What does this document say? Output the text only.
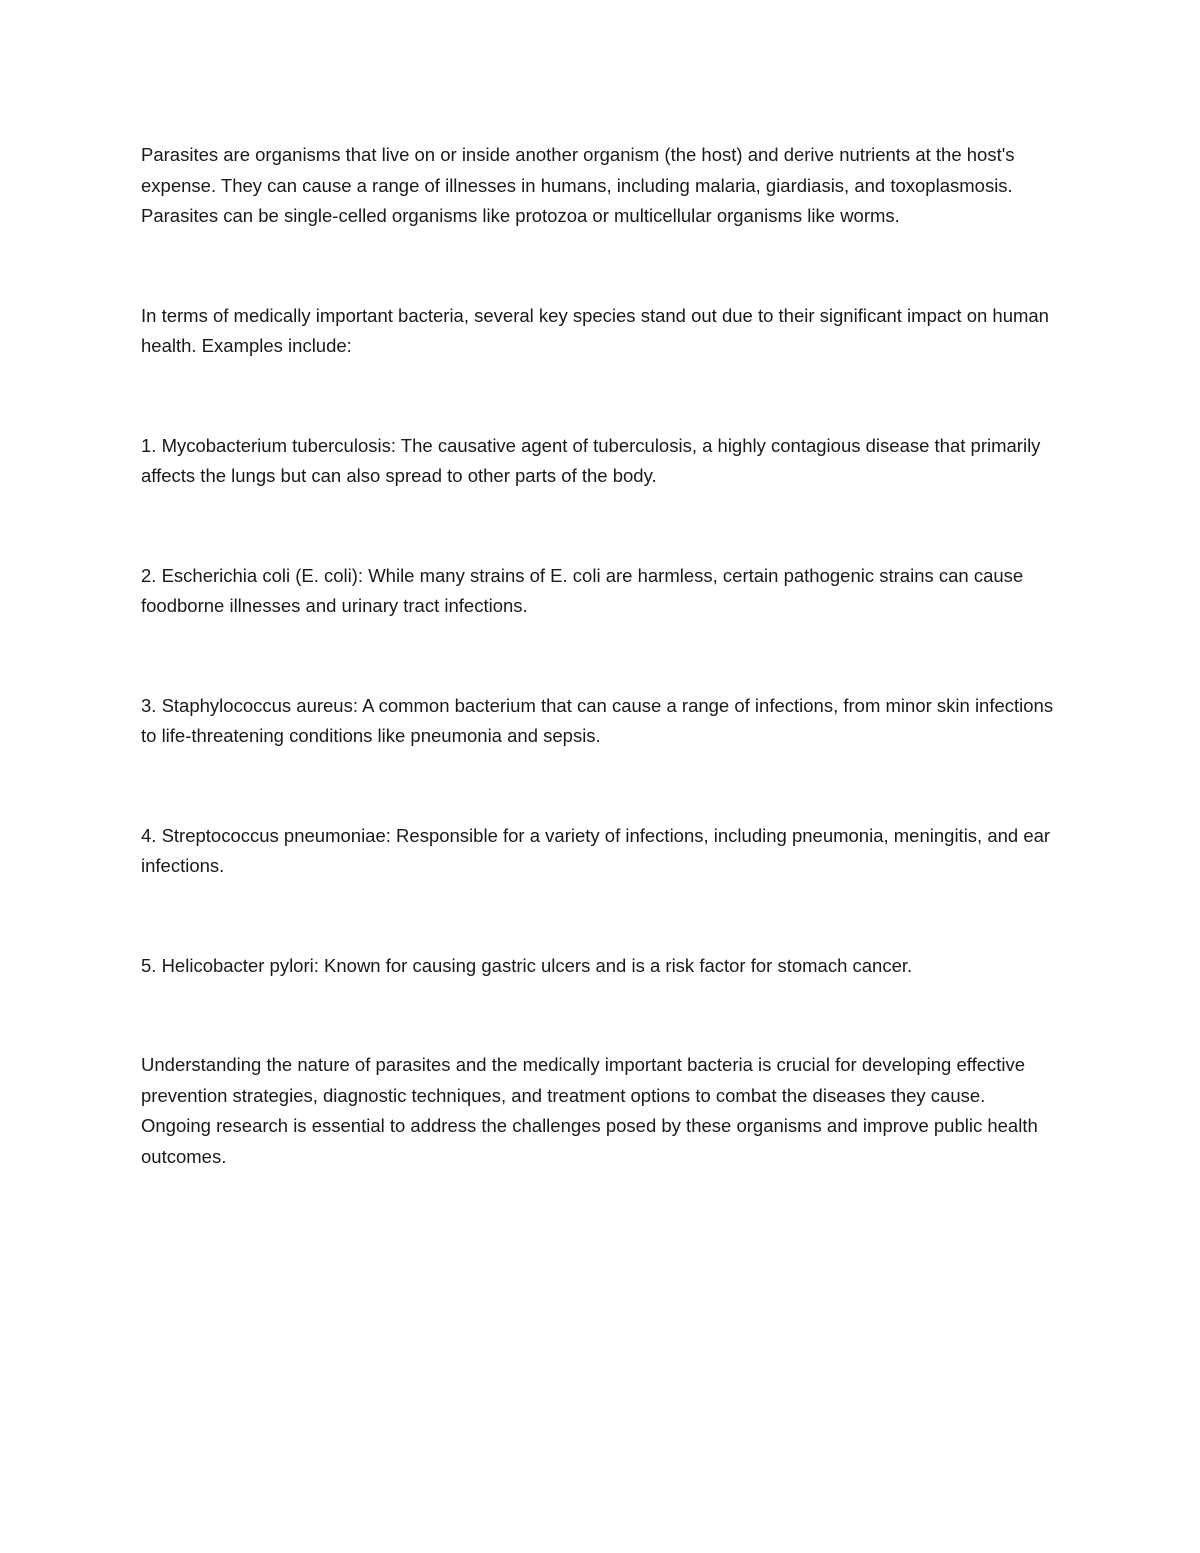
Parasites are organisms that live on or inside another organism (the host) and derive nutrients at the host's expense. They can cause a range of illnesses in humans, including malaria, giardiasis, and toxoplasmosis. Parasites can be single-celled organisms like protozoa or multicellular organisms like worms.

In terms of medically important bacteria, several key species stand out due to their significant impact on human health. Examples include:

1. Mycobacterium tuberculosis: The causative agent of tuberculosis, a highly contagious disease that primarily affects the lungs but can also spread to other parts of the body.

2. Escherichia coli (E. coli): While many strains of E. coli are harmless, certain pathogenic strains can cause foodborne illnesses and urinary tract infections.

3. Staphylococcus aureus: A common bacterium that can cause a range of infections, from minor skin infections to life-threatening conditions like pneumonia and sepsis.

4. Streptococcus pneumoniae: Responsible for a variety of infections, including pneumonia, meningitis, and ear infections.

5. Helicobacter pylori: Known for causing gastric ulcers and is a risk factor for stomach cancer.

Understanding the nature of parasites and the medically important bacteria is crucial for developing effective prevention strategies, diagnostic techniques, and treatment options to combat the diseases they cause. Ongoing research is essential to address the challenges posed by these organisms and improve public health outcomes.
